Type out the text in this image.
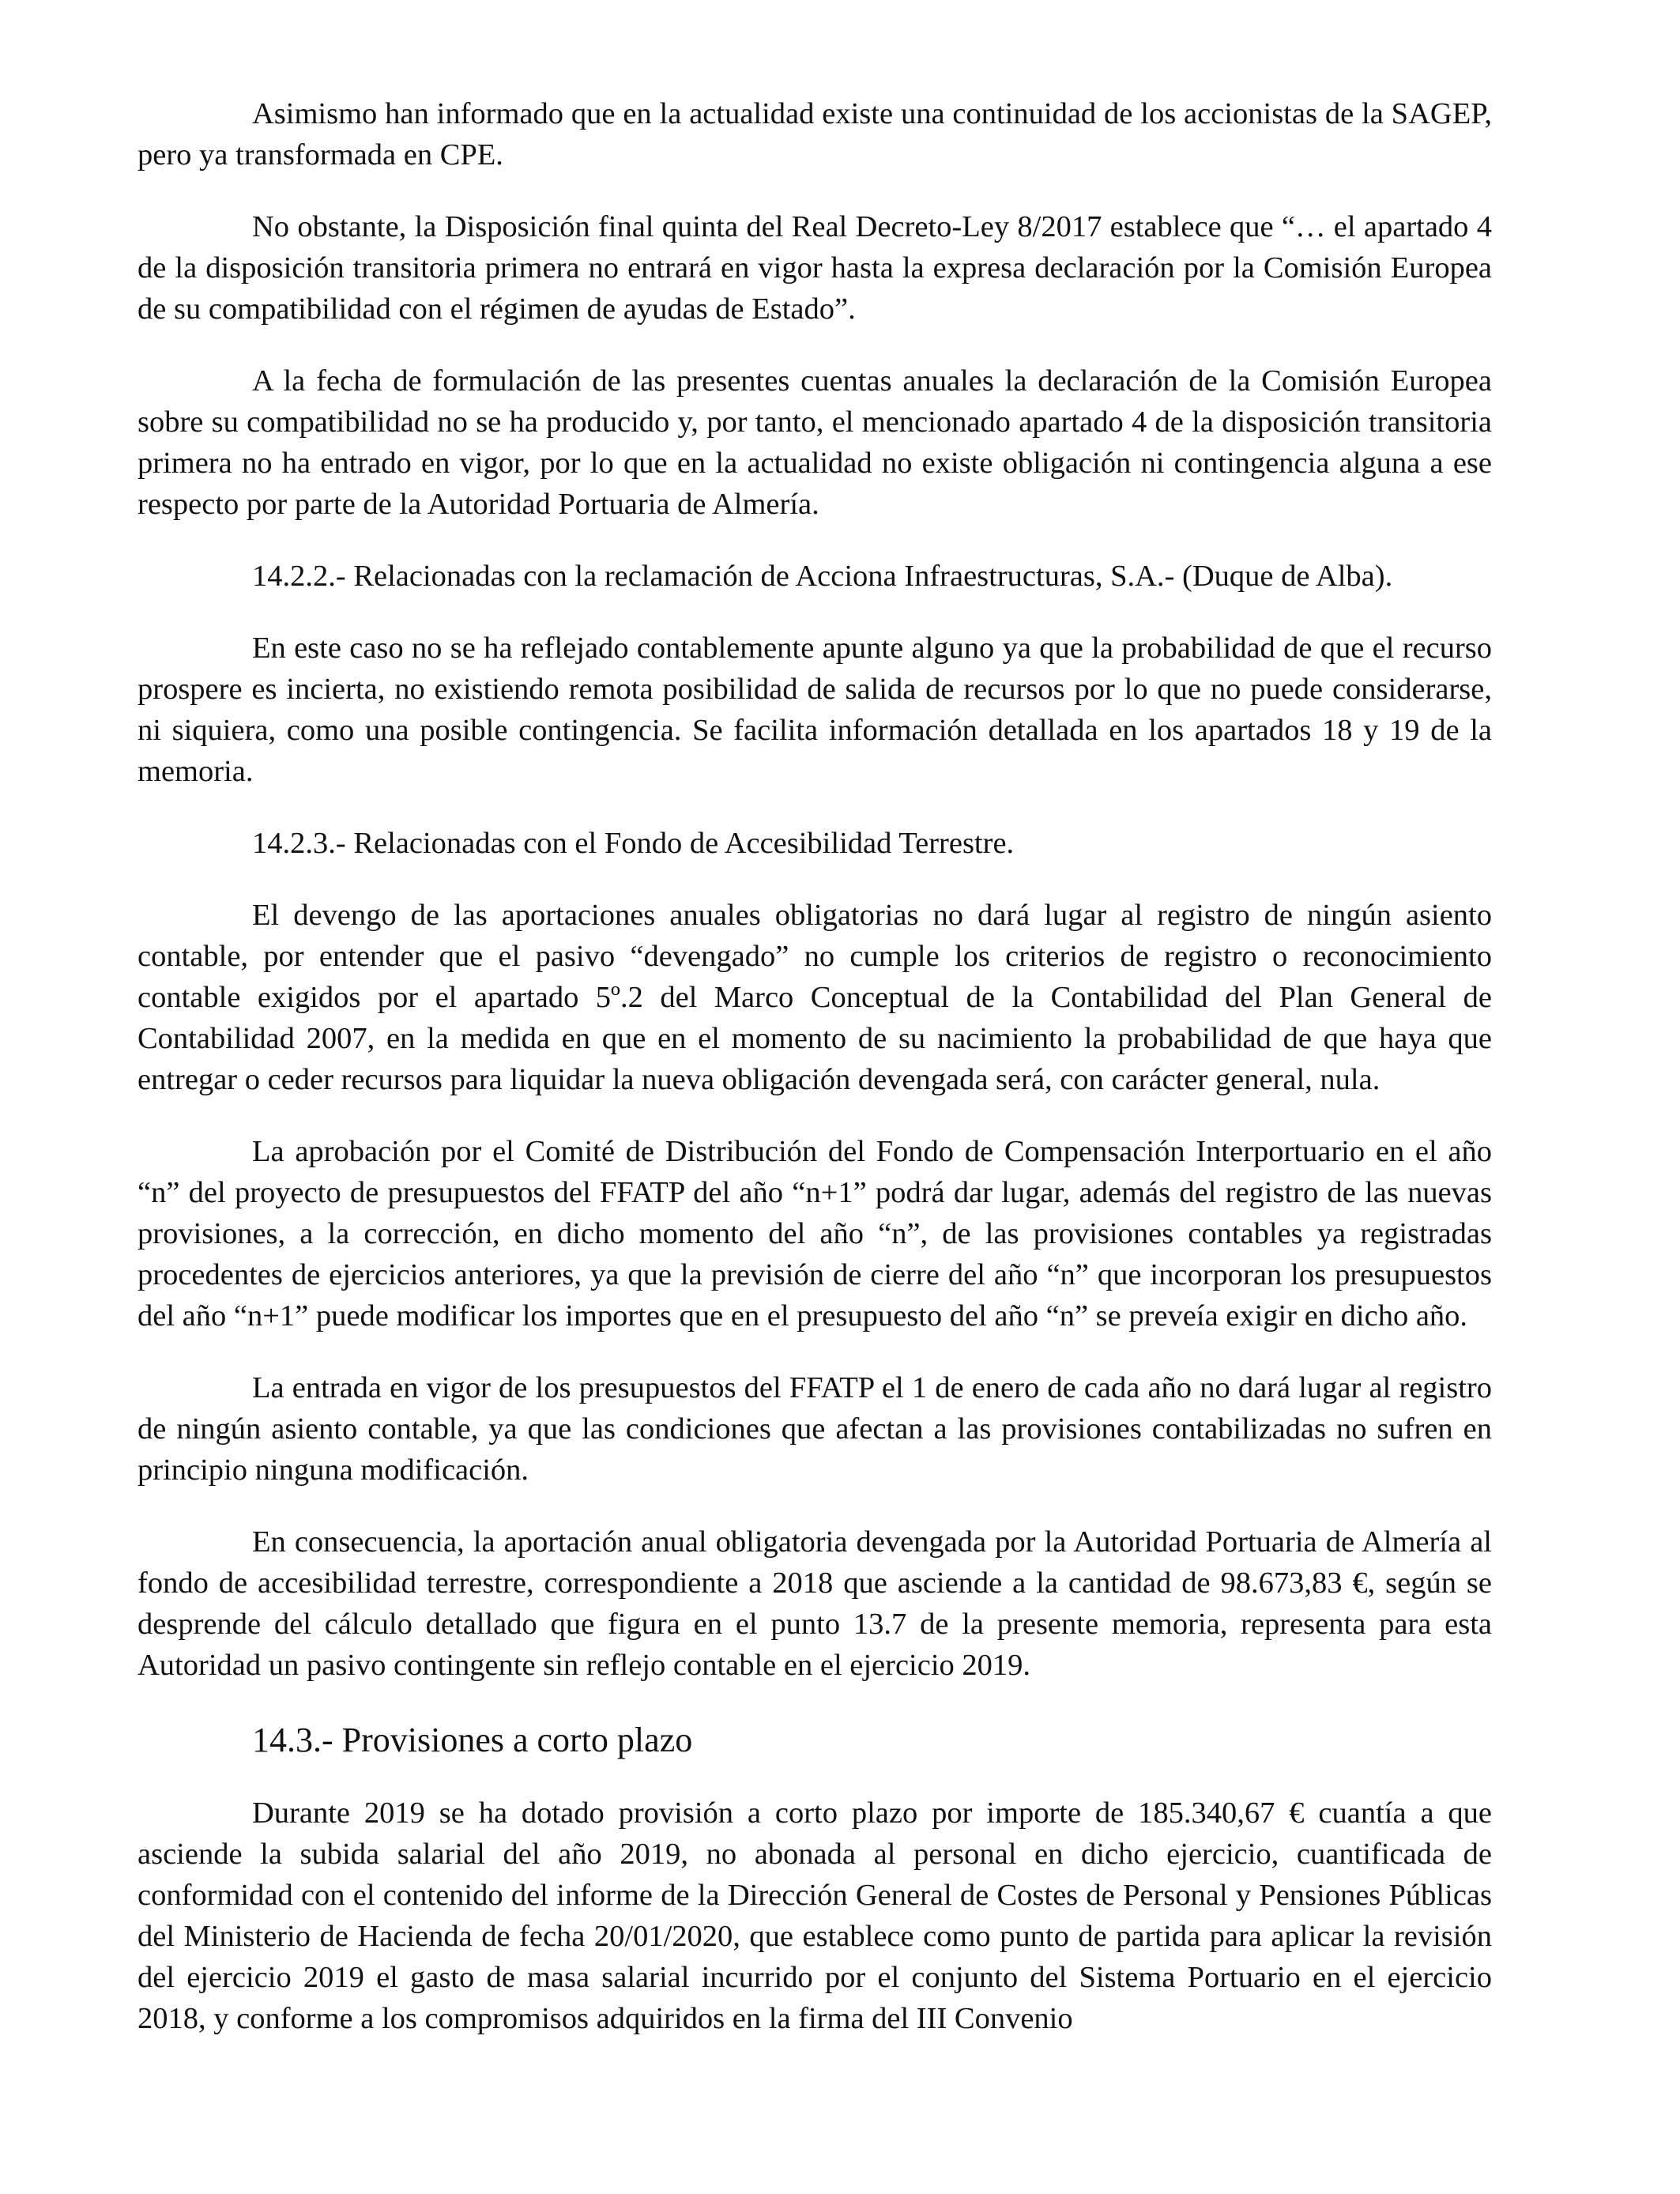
Asimismo han informado que en la actualidad existe una continuidad de los accionistas de la SAGEP, pero ya transformada en CPE.

No obstante, la Disposición final quinta del Real Decreto-Ley 8/2017 establece que “… el apartado 4 de la disposición transitoria primera no entrará en vigor hasta la expresa declaración por la Comisión Europea de su compatibilidad con el régimen de ayudas de Estado”.

A la fecha de formulación de las presentes cuentas anuales la declaración de la Comisión Europea sobre su compatibilidad no se ha producido y, por tanto, el mencionado apartado 4 de la disposición transitoria primera no ha entrado en vigor, por lo que en la actualidad no existe obligación ni contingencia alguna a ese respecto por parte de la Autoridad Portuaria de Almería.

14.2.2.- Relacionadas con la reclamación de Acciona Infraestructuras, S.A.- (Duque de Alba).

En este caso no se ha reflejado contablemente apunte alguno ya que la probabilidad de que el recurso prospere es incierta, no existiendo remota posibilidad de salida de recursos por lo que no puede considerarse, ni siquiera, como una posible contingencia. Se facilita información detallada en los apartados 18 y 19 de la memoria.

14.2.3.- Relacionadas con el Fondo de Accesibilidad Terrestre.

El devengo de las aportaciones anuales obligatorias no dará lugar al registro de ningún asiento contable, por entender que el pasivo “devengado” no cumple los criterios de registro o reconocimiento contable exigidos por el apartado 5º.2 del Marco Conceptual de la Contabilidad del Plan General de Contabilidad 2007, en la medida en que en el momento de su nacimiento la probabilidad de que haya que entregar o ceder recursos para liquidar la nueva obligación devengada será, con carácter general, nula.

La aprobación por el Comité de Distribución del Fondo de Compensación Interportuario en el año “n” del proyecto de presupuestos del FFATP del año “n+1” podrá dar lugar, además del registro de las nuevas provisiones, a la corrección, en dicho momento del año “n”, de las provisiones contables ya registradas procedentes de ejercicios anteriores, ya que la previsión de cierre del año “n” que incorporan los presupuestos del año “n+1” puede modificar los importes que en el presupuesto del año “n” se preveía exigir en dicho año.

La entrada en vigor de los presupuestos del FFATP el 1 de enero de cada año no dará lugar al registro de ningún asiento contable, ya que las condiciones que afectan a las provisiones contabilizadas no sufren en principio ninguna modificación.

En consecuencia, la aportación anual obligatoria devengada por la Autoridad Portuaria de Almería al fondo de accesibilidad terrestre, correspondiente a 2018 que asciende a la cantidad de 98.673,83 €, según se desprende del cálculo detallado que figura en el punto 13.7 de la presente memoria, representa para esta Autoridad un pasivo contingente sin reflejo contable en el ejercicio 2019.

14.3.- Provisiones a corto plazo

Durante 2019 se ha dotado provisión a corto plazo por importe de 185.340,67 € cuantía a que asciende la subida salarial del año 2019, no abonada al personal en dicho ejercicio, cuantificada de conformidad con el contenido del informe de la Dirección General de Costes de Personal y Pensiones Públicas del Ministerio de Hacienda de fecha 20/01/2020, que establece como punto de partida para aplicar la revisión del ejercicio 2019 el gasto de masa salarial incurrido por el conjunto del Sistema Portuario en el ejercicio 2018, y conforme a los compromisos adquiridos en la firma del III Convenio
